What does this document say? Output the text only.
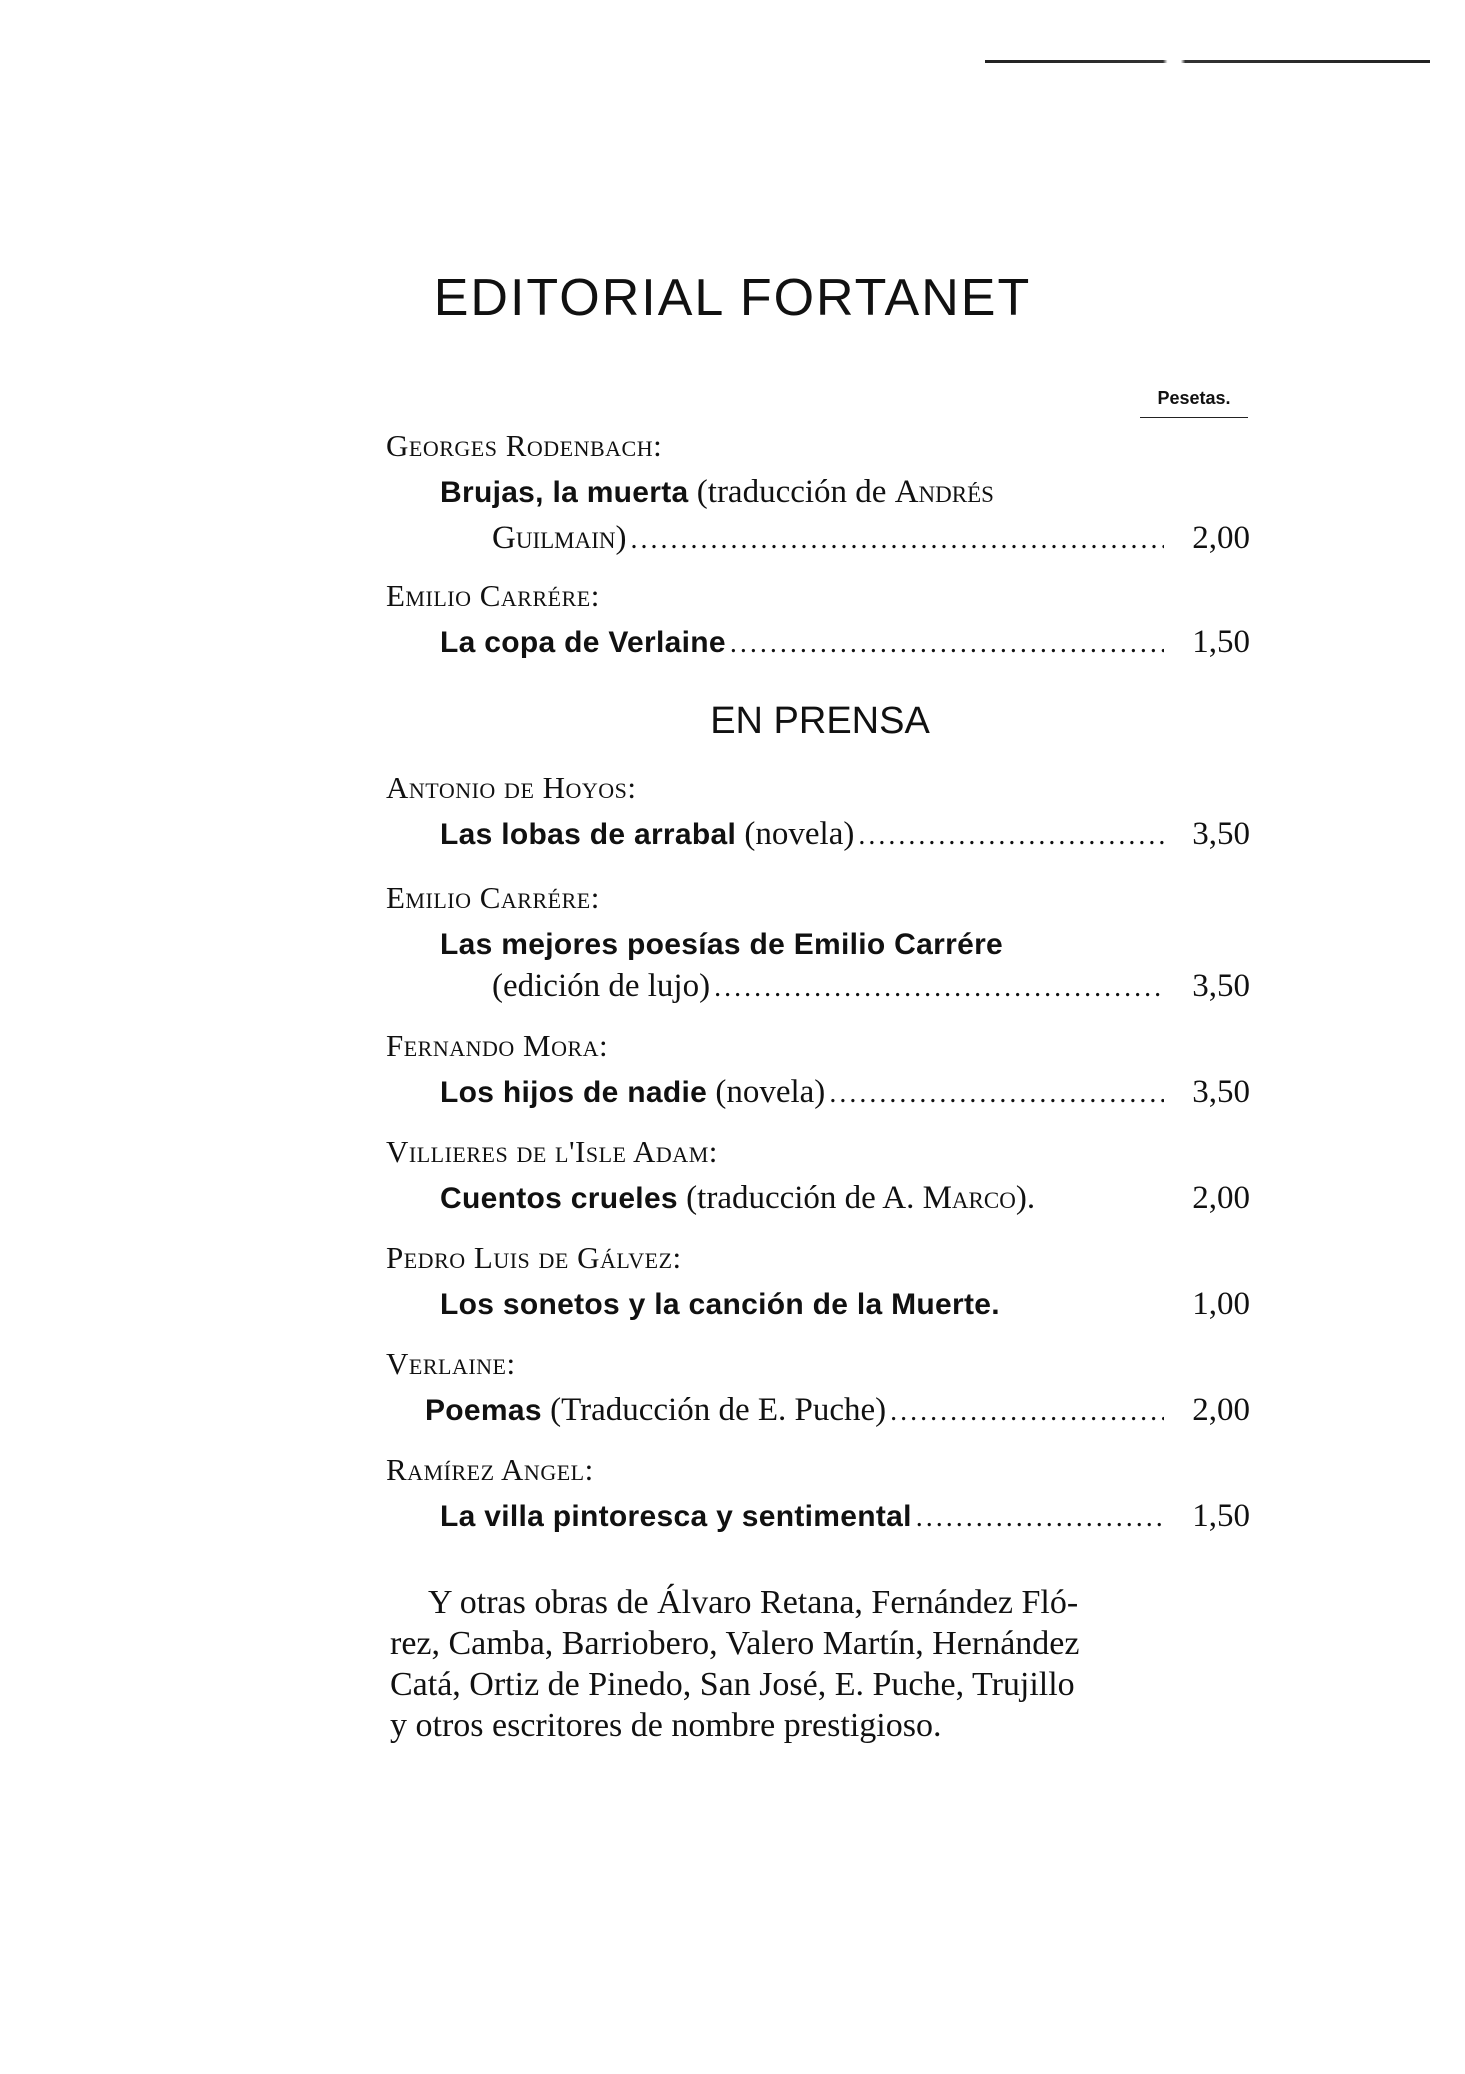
EDITORIAL FORTANET
Pesetas.
Georges Rodenbach:
Brujas, la muerta (traducción de Andrés
Guilmain) .....	2,00
Emilio Carrére:
La copa de Verlaine .....	1,50
EN PRENSA
Antonio de Hoyos:
Las lobas de arrabal (novela) .....	3,50
Emilio Carrére:
Las mejores poesías de Emilio Carrére
(edición de lujo) .....	3,50
Fernando Mora:
Los hijos de nadie (novela) .....	3,50
Villieres de l'Isle Adam:
Cuentos crueles (traducción de A. Marco).	2,00
Pedro Luis de Gálvez:
Los sonetos y la canción de la Muerte.	1,00
Verlaine:
Poemas (Traducción de E. Puche) .....	2,00
Ramírez Angel:
La villa pintoresca y sentimental .....	1,50
Y otras obras de Álvaro Retana, Fernández Fló-
rez, Camba, Barriobero, Valero Martín, Hernández
Catá, Ortiz de Pinedo, San José, E. Puche, Trujillo
y otros escritores de nombre prestigioso.
